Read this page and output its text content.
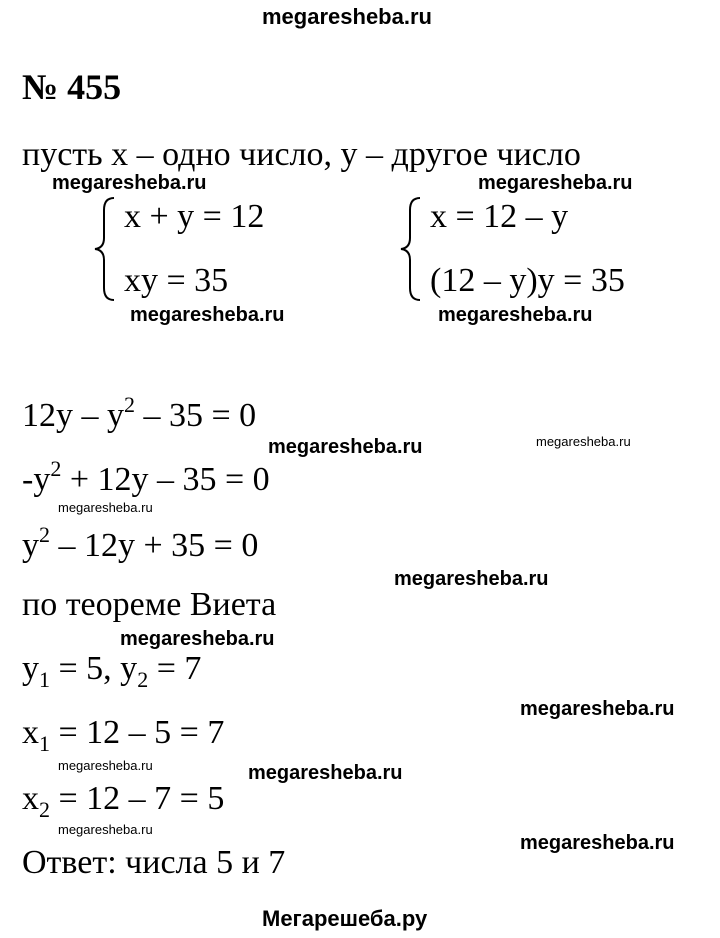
megaresheba.ru
№ 455
пусть x – одно число, y – другое число
megaresheba.ru	megaresheba.ru
x + y = 12
xy = 35
x = 12 – y
(12 – y)y = 35
megaresheba.ru	megaresheba.ru
$12y - y^2 - 35 = 0$
megaresheba.ru	megaresheba.ru
$-y^2 + 12y - 35 = 0$
megaresheba.ru
$y^2 - 12y + 35 = 0$
megaresheba.ru
по теореме Виета
megaresheba.ru
$y_1 = 5$, $y_2 = 7$
megaresheba.ru
$x_1 = 12 - 5 = 7$
megaresheba.ru	megaresheba.ru
$x_2 = 12 - 7 = 5$
megaresheba.ru
megaresheba.ru
Ответ: числа 5 и 7
Мегарешеба.ру
